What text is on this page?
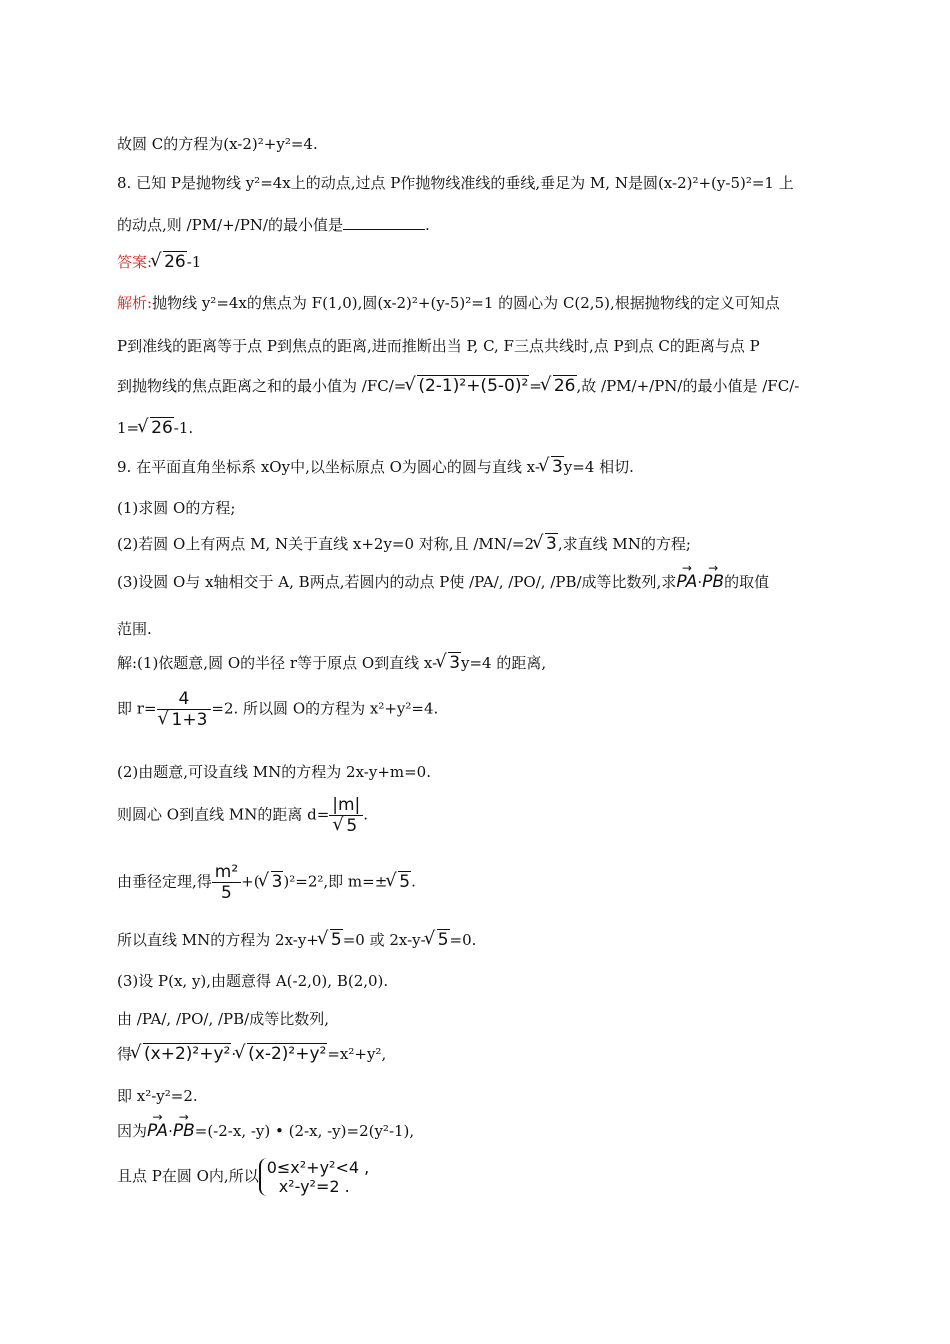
故圆 C的方程为(x-2)²+y²=4.
8. 已知 P是抛物线 y²=4x上的动点,过点 P作抛物线准线的垂线,垂足为 M, N是圆(x-2)²+(y-5)²=1 上
的动点,则 /PM/+/PN/的最小值是	.
答案: √ 26-1
解析:抛物线 y²=4x的焦点为 F(1,0),圆(x-2)²+(y-5)²=1 的圆心为 C(2,5),根据抛物线的定义可知点
P到准线的距离等于点 P到焦点的距离,进而推断出当 P, C, F三点共线时,点 P到点 C的距离与点 P
到抛物线的焦点距离之和的最小值为 /FC/= √ (2-1)²+(5-0)²= √ 26,故 /PM/+/PN/的最小值是 /FC/-
1= √ 26-1.
9. 在平面直角坐标系 xOy中,以坐标原点 O为圆心的圆与直线 x- √ 3y=4 相切.
(1)求圆 O的方程;
(2)若圆 O上有两点 M, N关于直线 x+2y=0 对称,且 /MN/=2 √ 3,求直线 MN的方程;
(3)设圆 O与 x轴相交于 A, B两点,若圆内的动点 P使 /PA/, /PO/, /PB/成等比数列,求→ PA·→ PB的取值
范围.
解:(1)依题意,圆 O的半径 r等于原点 O到直线 x- √ 3y=4 的距离,
即 r= 4
√ 1+3 =2. 所以圆 O的方程为 x²+y²=4.
(2)由题意,可设直线 MN的方程为 2x-y+m=0.
则圆心 O到直线 MN的距离 d= |m|
√ 5 .
由垂径定理,得 $\frac{\text{m²}}{5}$ +( √ 3)²=2²,即 m=± √ 5.
所以直线 MN的方程为 2x-y+ √ 5=0 或 2x-y- √ 5=0.
(3)设 P(x, y),由题意得 A(-2,0), B(2,0).
由 /PA/, /PO/, /PB/成等比数列,
得 √ (x+2)²+y²· √ (x-2)²+y²=x²+y²,
即 x²-y²=2.
因为→ PA·→ PB=(-2-x, -y) • (2-x, -y)=2(y²-1),
且点 P在圆 O内,所以 0≤x²+y²<4 ,
x²-y²=2 .
